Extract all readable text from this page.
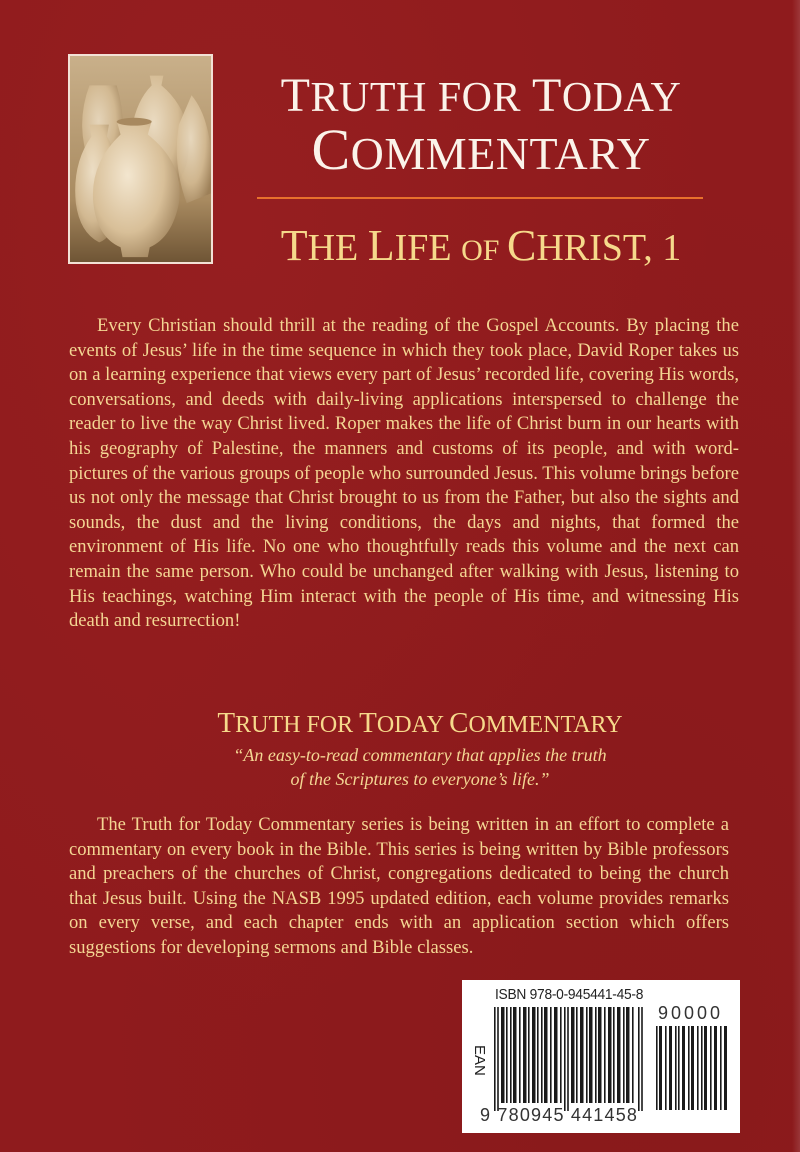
TRUTH FOR TODAY
COMMENTARY
THE LIFE OF CHRIST, 1

Every Christian should thrill at the reading of the Gospel Accounts. By placing the events of Jesus’ life in the time sequence in which they took place, David Roper takes us on a learning experience that views every part of Jesus’ recorded life, covering His words, conversations, and deeds with daily-living applications interspersed to challenge the reader to live the way Christ lived. Roper makes the life of Christ burn in our hearts with his geography of Palestine, the manners and customs of its people, and with word-pictures of the various groups of people who surrounded Jesus. This volume brings before us not only the message that Christ brought to us from the Father, but also the sights and sounds, the dust and the living conditions, the days and nights, that formed the environment of His life. No one who thoughtfully reads this volume and the next can remain the same person. Who could be unchanged after walking with Jesus, listening to His teachings, watching Him interact with the people of His time, and witnessing His death and resurrection!

TRUTH FOR TODAY COMMENTARY
“An easy-to-read commentary that applies the truth
of the Scriptures to everyone’s life.”

The Truth for Today Commentary series is being written in an effort to complete a commentary on every book in the Bible. This series is being written by Bible professors and preachers of the churches of Christ, congregations dedicated to being the church that Jesus built. Using the NASB 1995 updated edition, each volume provides remarks on every verse, and each chapter ends with an application section which offers suggestions for developing sermons and Bible classes.

ISBN 978-0-945441-45-8
EAN
9 780945 441458
90000
